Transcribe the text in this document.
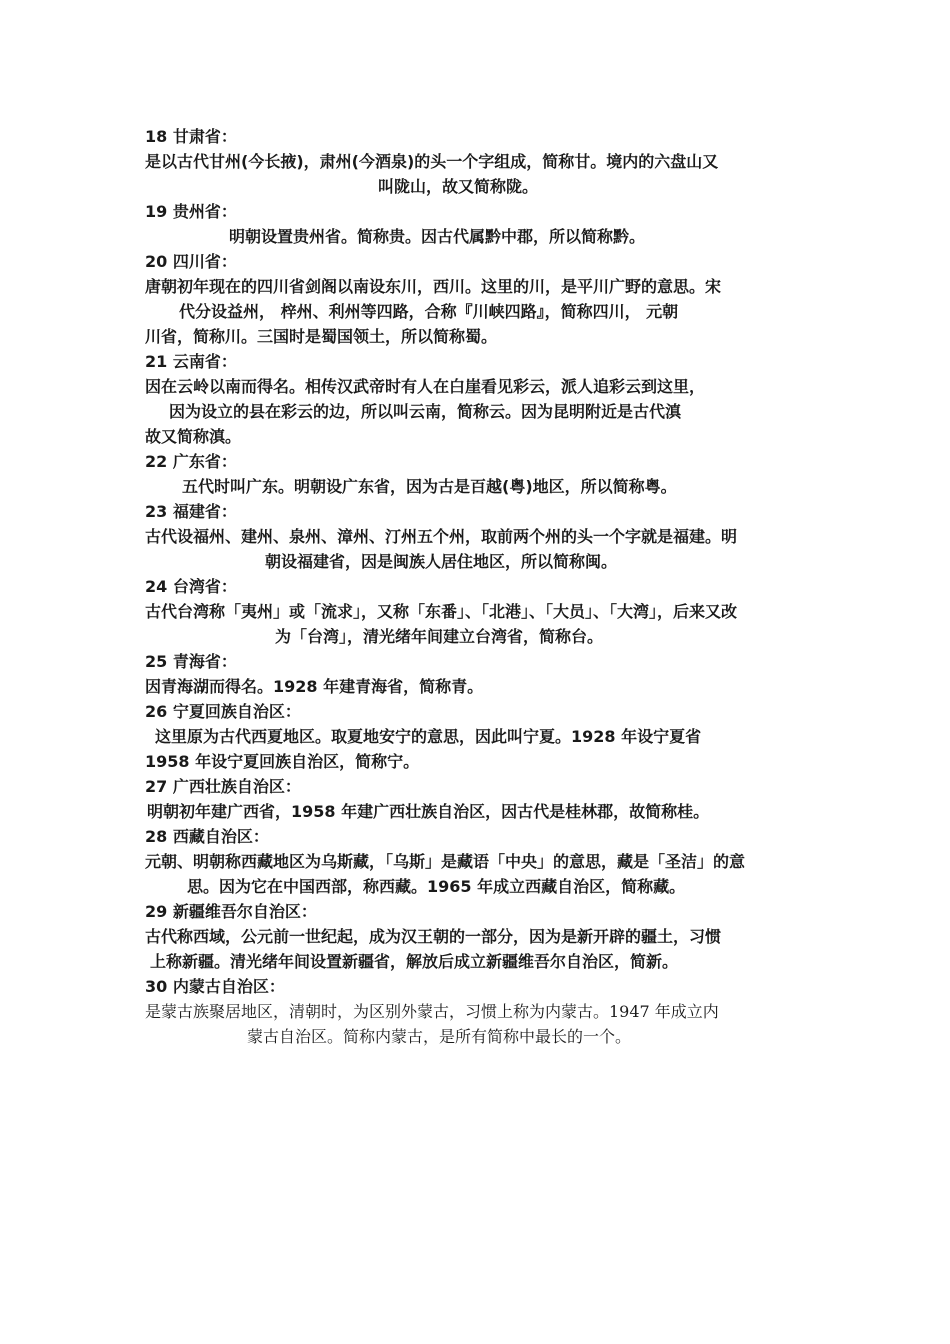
18 甘肃省：
是以古代甘州(今长掖)，肃州(今酒泉)的头一个字组成，简称甘。境内的六盘山又
叫陇山，故又简称陇。
19 贵州省：
明朝设置贵州省。简称贵。因古代属黔中郡，所以简称黔。
20 四川省：
唐朝初年现在的四川省剑阁以南设东川，西川。这里的川，是平川广野的意思。宋
代分设益州， 梓州、利州等四路，合称『川峡四路』，简称四川， 元朝
川省，简称川。三国时是蜀国领土，所以简称蜀。
21 云南省：
因在云岭以南而得名。相传汉武帝时有人在白崖看见彩云，派人追彩云到这里，
因为设立的县在彩云的边，所以叫云南，简称云。因为昆明附近是古代滇
故又简称滇。
22 广东省：
五代时叫广东。明朝设广东省，因为古是百越(粤)地区，所以简称粤。
23 福建省：
古代设福州、建州、泉州、漳州、汀州五个州，取前两个州的头一个字就是福建。明
朝设福建省，因是闽族人居住地区，所以简称闽。
24 台湾省：
古代台湾称「夷州」或「流求」，又称「东番」、「北港」、「大员」、「大湾」，后来又改
为「台湾」，清光绪年间建立台湾省，简称台。
25 青海省：
因青海湖而得名。1928 年建青海省，简称青。
26 宁夏回族自治区：
这里原为古代西夏地区。取夏地安宁的意思，因此叫宁夏。1928 年设宁夏省
1958 年设宁夏回族自治区，简称宁。
27 广西壮族自治区：
明朝初年建广西省，1958 年建广西壮族自治区，因古代是桂林郡，故简称桂。
28 西藏自治区：
元朝、明朝称西藏地区为乌斯藏，「乌斯」是藏语「中央」的意思，藏是「圣洁」的意
思。因为它在中国西部，称西藏。1965 年成立西藏自治区，简称藏。
29 新疆维吾尔自治区：
古代称西域，公元前一世纪起，成为汉王朝的一部分，因为是新开辟的疆土，习惯
上称新疆。清光绪年间设置新疆省，解放后成立新疆维吾尔自治区，简新。
30 内蒙古自治区：
是蒙古族聚居地区，清朝时，为区别外蒙古，习惯上称为内蒙古。1947 年成立内
蒙古自治区。简称内蒙古，是所有简称中最长的一个。
